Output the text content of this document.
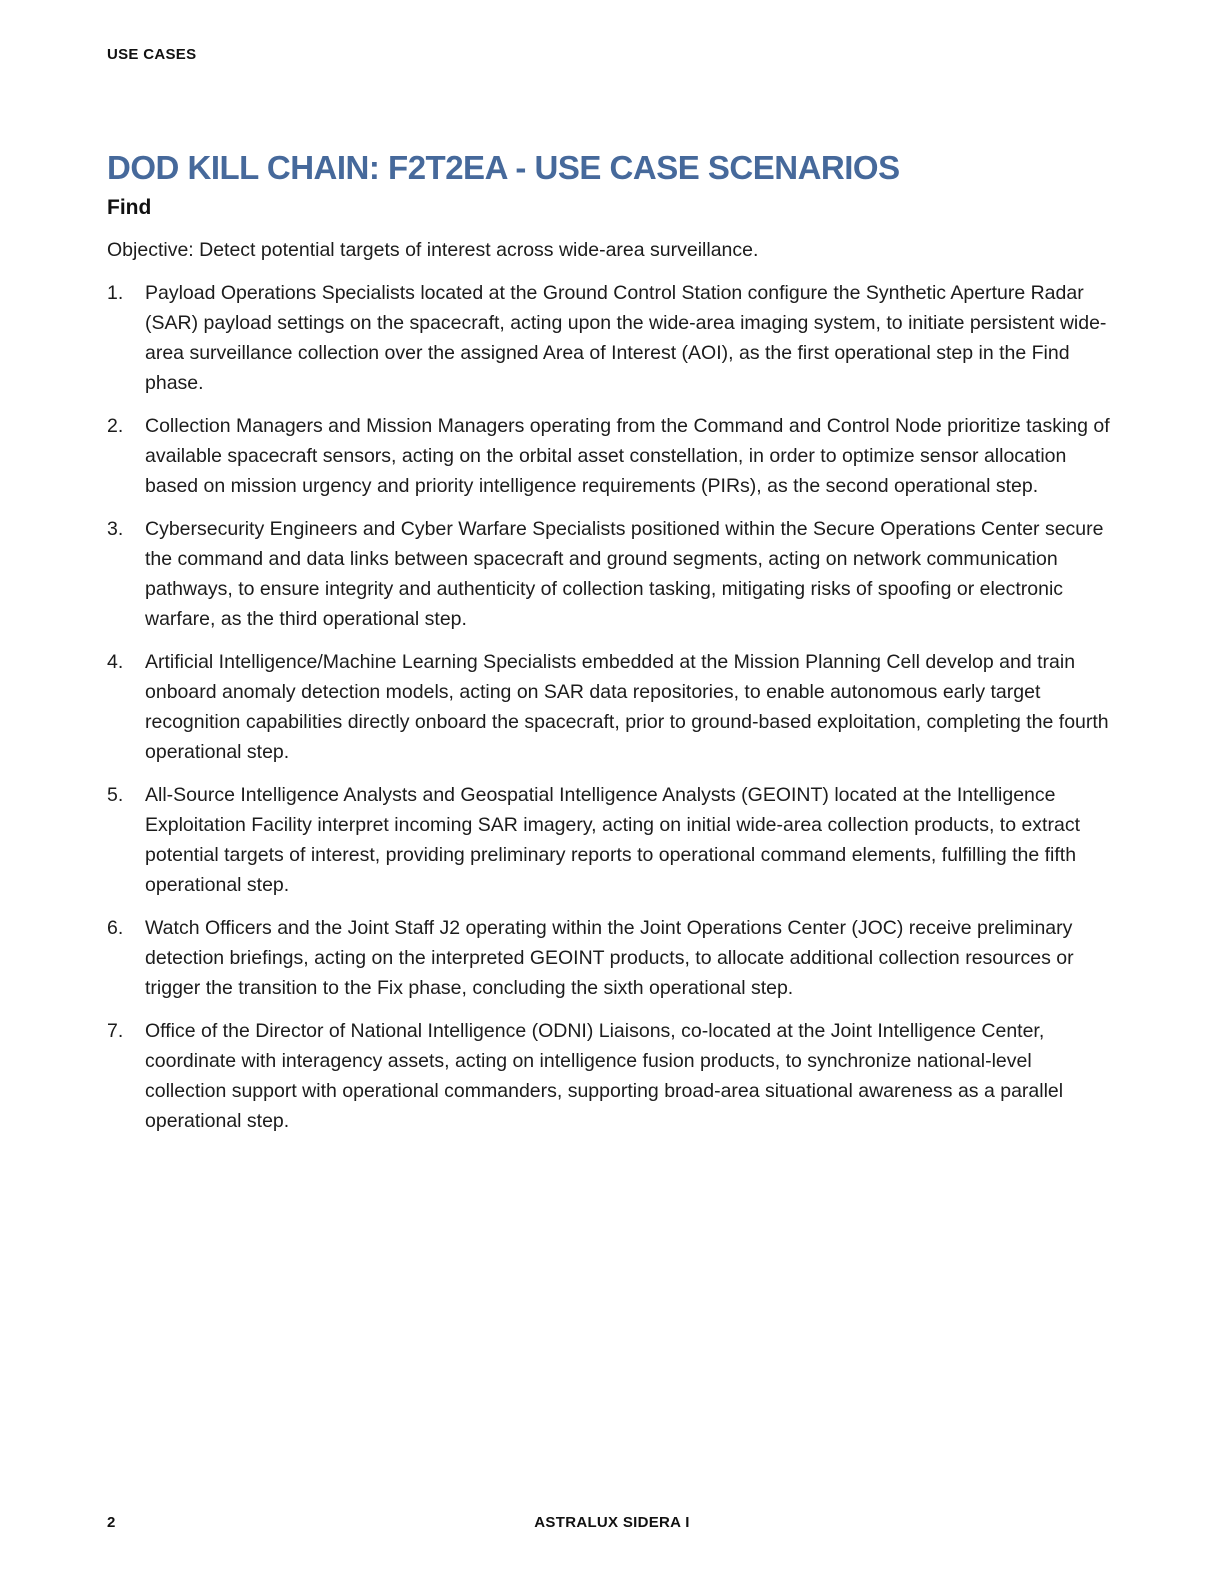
USE CASES
DOD KILL CHAIN: F2T2EA - USE CASE SCENARIOS
Find

Objective: Detect potential targets of interest across wide-area surveillance.

1.	Payload Operations Specialists located at the Ground Control Station configure the Synthetic Aperture Radar (SAR) payload settings on the spacecraft, acting upon the wide-area imaging system, to initiate persistent wide-area surveillance collection over the assigned Area of Interest (AOI), as the first operational step in the Find phase.
2.	Collection Managers and Mission Managers operating from the Command and Control Node prioritize tasking of available spacecraft sensors, acting on the orbital asset constellation, in order to optimize sensor allocation based on mission urgency and priority intelligence requirements (PIRs), as the second operational step.
3.	Cybersecurity Engineers and Cyber Warfare Specialists positioned within the Secure Operations Center secure the command and data links between spacecraft and ground segments, acting on network communication pathways, to ensure integrity and authenticity of collection tasking, mitigating risks of spoofing or electronic warfare, as the third operational step.
4.	Artificial Intelligence/Machine Learning Specialists embedded at the Mission Planning Cell develop and train onboard anomaly detection models, acting on SAR data repositories, to enable autonomous early target recognition capabilities directly onboard the spacecraft, prior to ground-based exploitation, completing the fourth operational step.
5.	All-Source Intelligence Analysts and Geospatial Intelligence Analysts (GEOINT) located at the Intelligence Exploitation Facility interpret incoming SAR imagery, acting on initial wide-area collection products, to extract potential targets of interest, providing preliminary reports to operational command elements, fulfilling the fifth operational step.
6.	Watch Officers and the Joint Staff J2 operating within the Joint Operations Center (JOC) receive preliminary detection briefings, acting on the interpreted GEOINT products, to allocate additional collection resources or trigger the transition to the Fix phase, concluding the sixth operational step.
7.	Office of the Director of National Intelligence (ODNI) Liaisons, co-located at the Joint Intelligence Center, coordinate with interagency assets, acting on intelligence fusion products, to synchronize national-level collection support with operational commanders, supporting broad-area situational awareness as a parallel operational step.
2	ASTRALUX SIDERA I
